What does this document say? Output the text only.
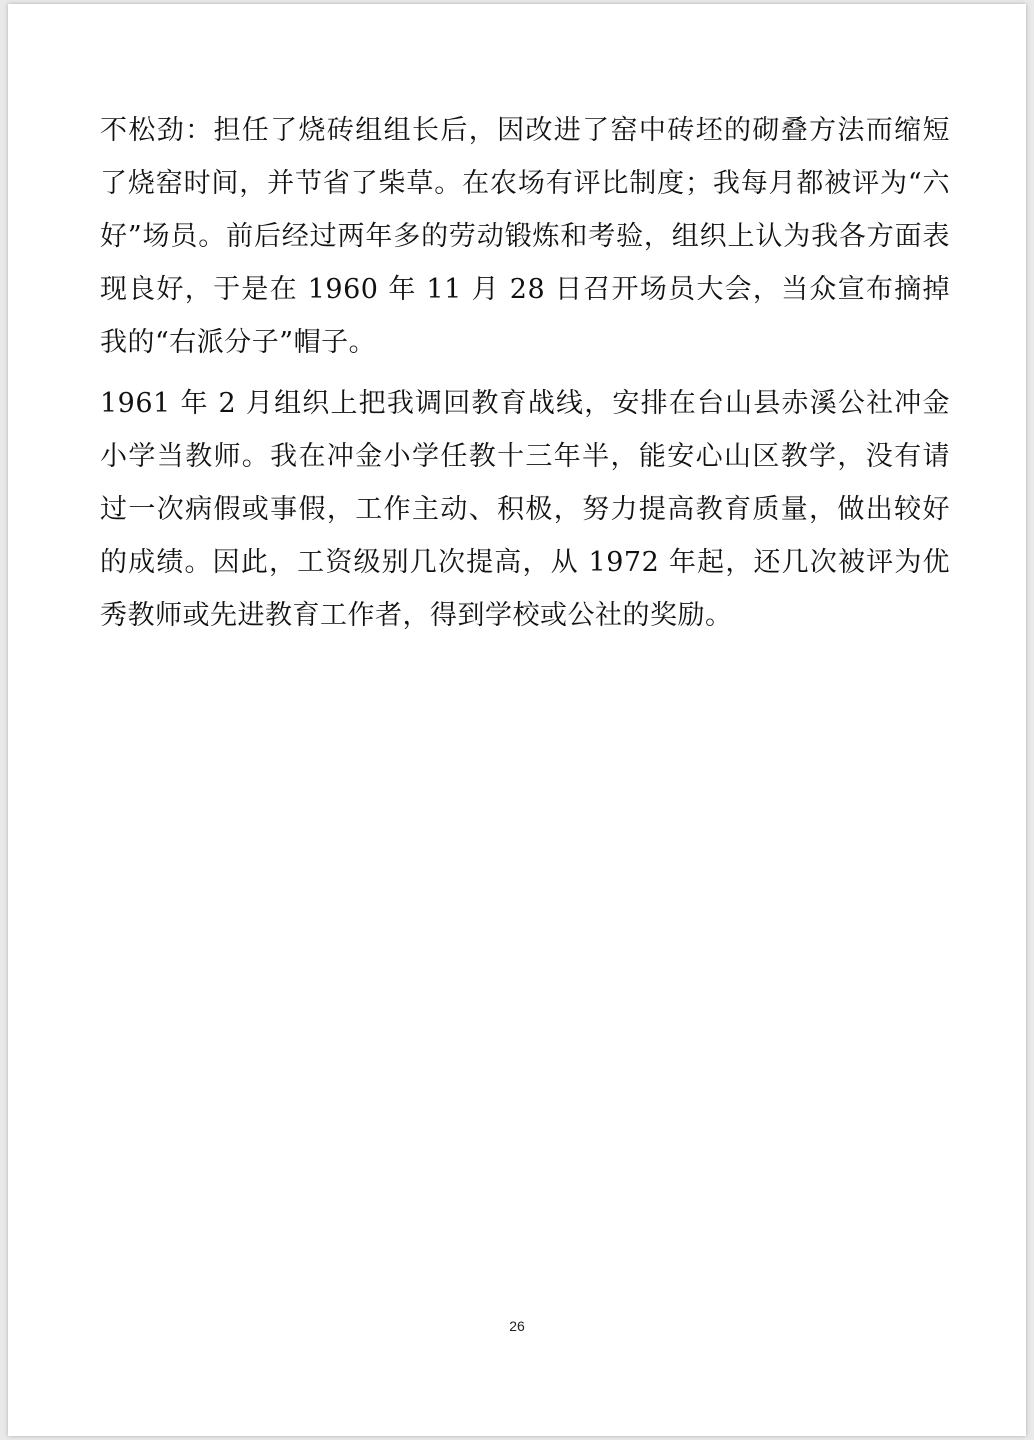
不松劲：担任了烧砖组组长后，因改进了窑中砖坯的砌叠方法而缩短了烧窑时间，并节省了柴草。在农场有评比制度；我每月都被评为“六好”场员。前后经过两年多的劳动锻炼和考验，组织上认为我各方面表现良好，于是在 1960 年 11 月 28 日召开场员大会，当众宣布摘掉我的“右派分子”帽子。

1961 年 2 月组织上把我调回教育战线，安排在台山县赤溪公社冲金小学当教师。我在冲金小学任教十三年半，能安心山区教学，没有请过一次病假或事假，工作主动、积极，努力提高教育质量，做出较好的成绩。因此，工资级别几次提高，从 1972 年起，还几次被评为优秀教师或先进教育工作者，得到学校或公社的奖励。

26
